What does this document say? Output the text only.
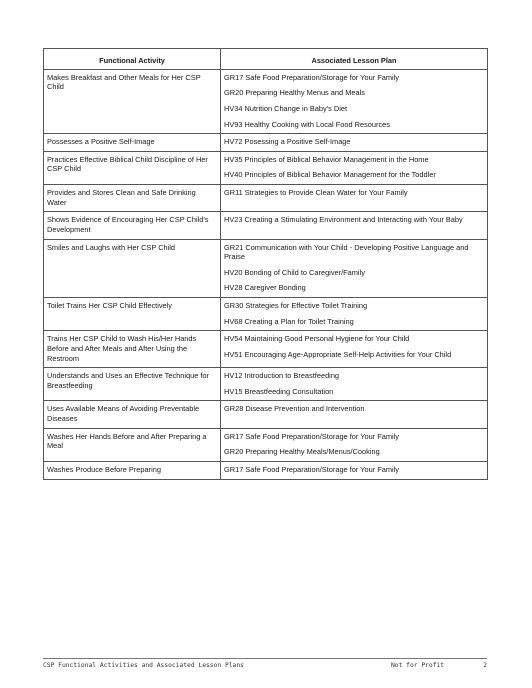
Functional Activity	Associated Lesson Plan
Makes Breakfast and Other Meals for Her CSP Child	GR17 Safe Food Preparation/Storage for Your Family
GR20 Preparing Healthy Menus and Meals
HV34 Nutrition Change in Baby's Diet
HV93 Healthy Cooking with Local Food Resources

Possesses a Positive Self-Image	HV72 Posessing a Positive Self-Image

Practices Effective Biblical Child Discipline of Her CSP Child	HV35 Principles of Biblical Behavior Management in the Home
HV40 Principles of Biblical Behavior Management for the Toddler

Provides and Stores Clean and Safe Drinking Water	GR11 Strategies to Provide Clean Water for Your Family

Shows Evidence of Encouraging Her CSP Child's Development	HV23 Creating a Stimulating Environment and Interacting with Your Baby

Smiles and Laughs with Her CSP Child	GR21 Communication with Your Child - Developing Positive Language and Praise
HV20 Bonding of Child to Caregiver/Family
HV28 Caregiver Bonding

Toilet Trains Her CSP Child Effectively	GR30 Strategies for Effective Toilet Training
HV68 Creating a Plan for Toilet Training

Trains Her CSP Child to Wash His/Her Hands Before and After Meals and After Using the Restroom	HV54 Maintaining Good Personal Hygiene for Your Child
HV51 Encouraging Age-Appropriate Self-Help Activities for Your Child

Understands and Uses an Effective Technique for Breastfeeding	HV12 Introduction to Breastfeeding
HV15 Breastfeeding Consultation

Uses Available Means of Avoiding Preventable Diseases	GR28 Disease Prevention and Intervention

Washes Her Hands Before and After Preparing a Meal	GR17 Safe Food Preparation/Storage for Your Family
GR20 Preparing Healthy Meals/Menus/Cooking

Washes Produce Before Preparing	GR17 Safe Food Preparation/Storage for Your Family
CSP Functional Activities and Associated Lesson Plans	Not for Profit	2
